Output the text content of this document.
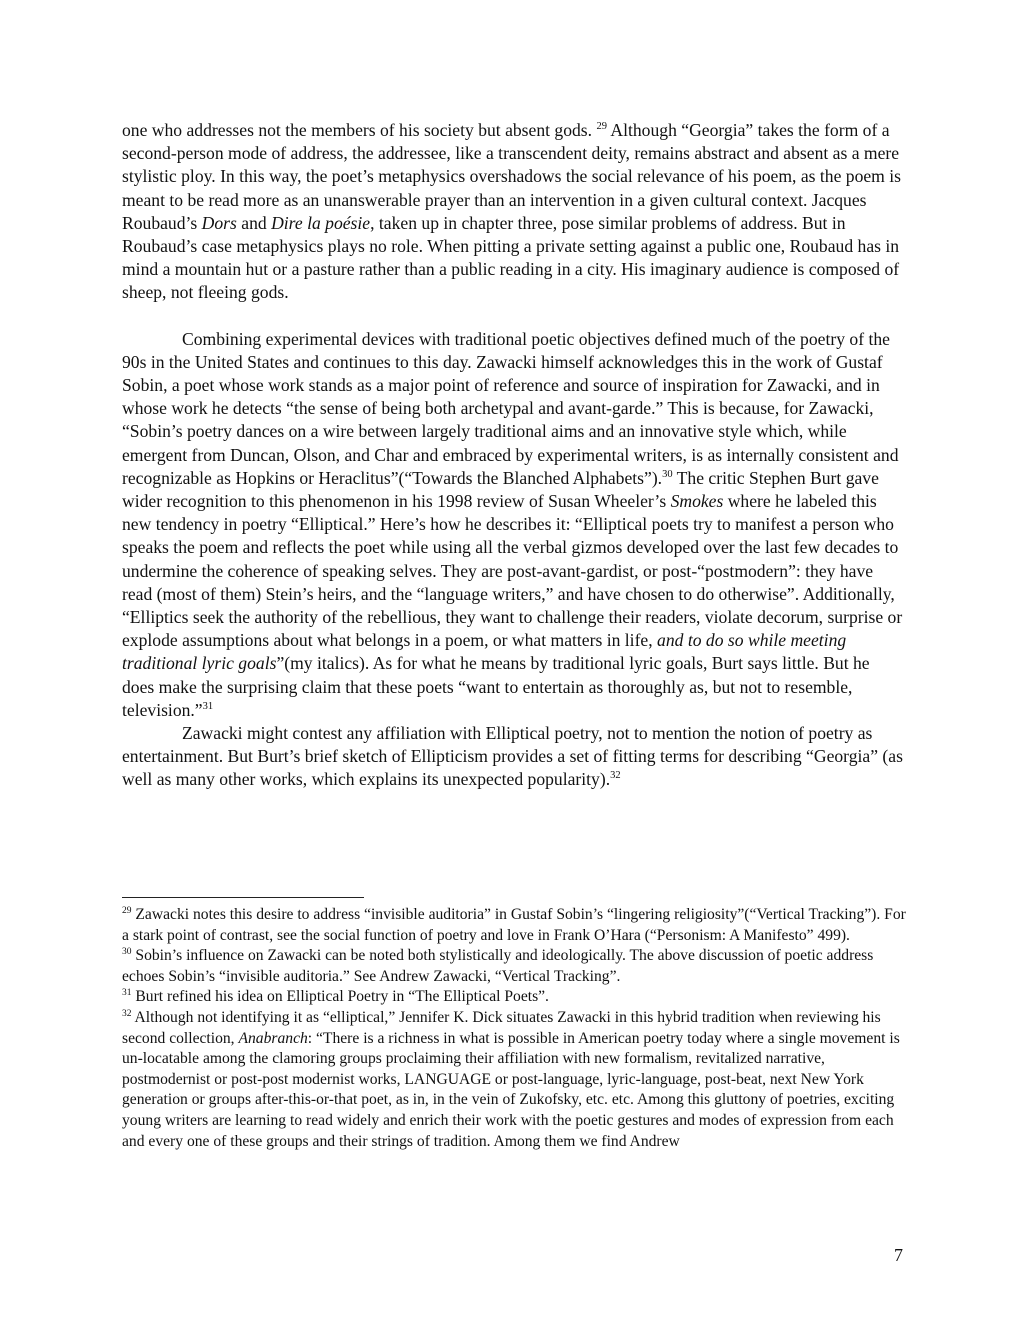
one who addresses not the members of his society but absent gods. $^{29}$ Although “Georgia” takes the form of a second-person mode of address, the addressee, like a transcendent deity, remains abstract and absent as a mere stylistic ploy. In this way, the poet’s metaphysics overshadows the social relevance of his poem, as the poem is meant to be read more as an unanswerable prayer than an intervention in a given cultural context. Jacques Roubaud’s Dors and Dire la poésie, taken up in chapter three, pose similar problems of address. But in Roubaud’s case metaphysics plays no role. When pitting a private setting against a public one, Roubaud has in mind a mountain hut or a pasture rather than a public reading in a city. His imaginary audience is composed of sheep, not fleeing gods.

Combining experimental devices with traditional poetic objectives defined much of the poetry of the 90s in the United States and continues to this day. Zawacki himself acknowledges this in the work of Gustaf Sobin, a poet whose work stands as a major point of reference and source of inspiration for Zawacki, and in whose work he detects “the sense of being both archetypal and avant-garde.” This is because, for Zawacki, “Sobin’s poetry dances on a wire between largely traditional aims and an innovative style which, while emergent from Duncan, Olson, and Char and embraced by experimental writers, is as internally consistent and recognizable as Hopkins or Heraclitus”(“Towards the Blanched Alphabets”).$^{30}$ The critic Stephen Burt gave wider recognition to this phenomenon in his 1998 review of Susan Wheeler’s Smokes where he labeled this new tendency in poetry “Elliptical.” Here’s how he describes it: “Elliptical poets try to manifest a person who speaks the poem and reflects the poet while using all the verbal gizmos developed over the last few decades to undermine the coherence of speaking selves. They are post-avant-gardist, or post-“postmodern”: they have read (most of them) Stein’s heirs, and the “language writers,” and have chosen to do otherwise”. Additionally, “Elliptics seek the authority of the rebellious, they want to challenge their readers, violate decorum, surprise or explode assumptions about what belongs in a poem, or what matters in life, and to do so while meeting traditional lyric goals”(my italics). As for what he means by traditional lyric goals, Burt says little. But he does make the surprising claim that these poets “want to entertain as thoroughly as, but not to resemble, television.”$^{31}$

Zawacki might contest any affiliation with Elliptical poetry, not to mention the notion of poetry as entertainment. But Burt’s brief sketch of Ellipticism provides a set of fitting terms for describing “Georgia” (as well as many other works, which explains its unexpected popularity).$^{32}$

$^{29}$ Zawacki notes this desire to address “invisible auditoria” in Gustaf Sobin’s “lingering religiosity”(“Vertical Tracking”). For a stark point of contrast, see the social function of poetry and love in Frank O’Hara (“Personism: A Manifesto” 499).

$^{30}$ Sobin’s influence on Zawacki can be noted both stylistically and ideologically. The above discussion of poetic address echoes Sobin’s “invisible auditoria.” See Andrew Zawacki, “Vertical Tracking”.

$^{31}$ Burt refined his idea on Elliptical Poetry in “The Elliptical Poets”.

$^{32}$ Although not identifying it as “elliptical,” Jennifer K. Dick situates Zawacki in this hybrid tradition when reviewing his second collection, Anabranch: “There is a richness in what is possible in American poetry today where a single movement is un-locatable among the clamoring groups proclaiming their affiliation with new formalism, revitalized narrative, postmodernist or post-post modernist works, LANGUAGE or post-language, lyric-language, post-beat, next New York generation or groups after-this-or-that poet, as in, in the vein of Zukofsky, etc. etc. Among this gluttony of poetries, exciting young writers are learning to read widely and enrich their work with the poetic gestures and modes of expression from each and every one of these groups and their strings of tradition. Among them we find Andrew

7
